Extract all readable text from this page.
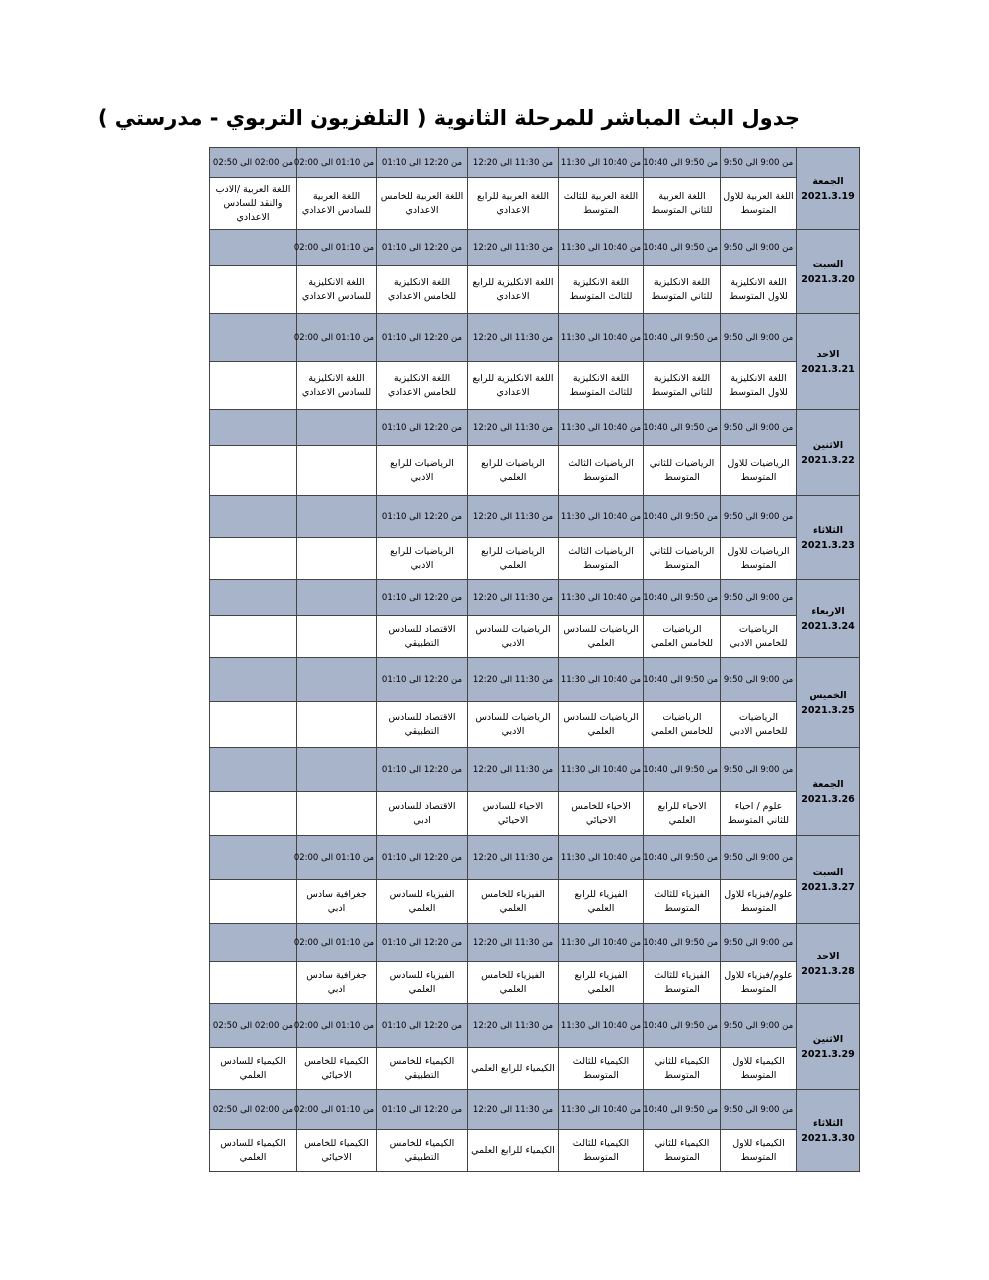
جدول البث المباشر للمرحلة الثانوية ( التلفزيون التربوي - مدرستي )
الجمعة
2021.3.19	من 9:00 الى 9:50	من 9:50 الى 10:40	من 10:40 الى 11:30	من 11:30 الى 12:20	من 12:20 الى 01:10	من 01:10 الى 02:00	من 02:00 الى 02:50
	اللغة العربية للاول المتوسط	اللغة العربية للثاني المتوسط	اللغة العربية للثالث المتوسط	اللغة العربية للرابع الاعدادي	اللغة العربية للخامس الاعدادي	اللغة العربية للسادس الاعدادي	اللغة العربية /الادب والنقد للسادس الاعدادي

السبت
2021.3.20	من 9:00 الى 9:50	من 9:50 الى 10:40	من 10:40 الى 11:30	من 11:30 الى 12:20	من 12:20 الى 01:10	من 01:10 الى 02:00	
	اللغة الانكليزية للاول المتوسط	اللغة الانكليزية للثاني المتوسط	اللغة الانكليزية للثالث المتوسط	اللغة الانكليزية للرابع الاعدادي	اللغة الانكليزية للخامس الاعدادي	اللغة الانكليزية للسادس الاعدادي	

الاحد
2021.3.21	من 9:00 الى 9:50	من 9:50 الى 10:40	من 10:40 الى 11:30	من 11:30 الى 12:20	من 12:20 الى 01:10	من 01:10 الى 02:00	
	اللغة الانكليزية للاول المتوسط	اللغة الانكليزية للثاني المتوسط	اللغة الانكليزية للثالث المتوسط	اللغة الانكليزية للرابع الاعدادي	اللغة الانكليزية للخامس الاعدادي	اللغة الانكليزية للسادس الاعدادي	

الاثنين
2021.3.22	من 9:00 الى 9:50	من 9:50 الى 10:40	من 10:40 الى 11:30	من 11:30 الى 12:20	من 12:20 الى 01:10		
	الرياضيات للاول المتوسط	الرياضيات للثاني المتوسط	الرياضيات الثالث المتوسط	الرياضيات للرابع العلمي	الرياضيات للرابع الادبي		

الثلاثاء
2021.3.23	من 9:00 الى 9:50	من 9:50 الى 10:40	من 10:40 الى 11:30	من 11:30 الى 12:20	من 12:20 الى 01:10		
	الرياضيات للاول المتوسط	الرياضيات للثاني المتوسط	الرياضيات الثالث المتوسط	الرياضيات للرابع العلمي	الرياضيات للرابع الادبي		

الاربعاء
2021.3.24	من 9:00 الى 9:50	من 9:50 الى 10:40	من 10:40 الى 11:30	من 11:30 الى 12:20	من 12:20 الى 01:10		
	الرياضيات للخامس الادبي	الرياضيات للخامس العلمي	الرياضيات للسادس العلمي	الرياضيات للسادس الادبي	الاقتصاد للسادس التطبيقي		

الخميس
2021.3.25	من 9:00 الى 9:50	من 9:50 الى 10:40	من 10:40 الى 11:30	من 11:30 الى 12:20	من 12:20 الى 01:10		
	الرياضيات للخامس الادبي	الرياضيات للخامس العلمي	الرياضيات للسادس العلمي	الرياضيات للسادس الادبي	الاقتصاد للسادس التطبيقي		

الجمعة
2021.3.26	من 9:00 الى 9:50	من 9:50 الى 10:40	من 10:40 الى 11:30	من 11:30 الى 12:20	من 12:20 الى 01:10		
	علوم / احياء للثاني المتوسط	الاحياء للرابع العلمي	الاحياء للخامس الاحيائي	الاحياء للسادس الاحيائي	الاقتصاد للسادس ادبي		

السبت
2021.3.27	من 9:00 الى 9:50	من 9:50 الى 10:40	من 10:40 الى 11:30	من 11:30 الى 12:20	من 12:20 الى 01:10	من 01:10 الى 02:00	
	علوم/فيزياء للاول المتوسط	الفيزياء للثالث المتوسط	الفيزياء للرابع العلمي	الفيزياء للخامس العلمي	الفيزياء للسادس العلمي	جغرافية سادس ادبي	

الاحد
2021.3.28	من 9:00 الى 9:50	من 9:50 الى 10:40	من 10:40 الى 11:30	من 11:30 الى 12:20	من 12:20 الى 01:10	من 01:10 الى 02:00	
	علوم/فيزياء للاول المتوسط	الفيزياء للثالث المتوسط	الفيزياء للرابع العلمي	الفيزياء للخامس العلمي	الفيزياء للسادس العلمي	جغرافية سادس ادبي	

الاثنين
2021.3.29	من 9:00 الى 9:50	من 9:50 الى 10:40	من 10:40 الى 11:30	من 11:30 الى 12:20	من 12:20 الى 01:10	من 01:10 الى 02:00	من 02:00 الى 02:50
	الكيمياء للاول المتوسط	الكيمياء للثاني المتوسط	الكيمياء للثالث المتوسط	الكيمياء للرابع العلمي	الكيمياء للخامس التطبيقي	الكيمياء للخامس الاحيائي	الكيمياء للسادس العلمي

الثلاثاء
2021.3.30	من 9:00 الى 9:50	من 9:50 الى 10:40	من 10:40 الى 11:30	من 11:30 الى 12:20	من 12:20 الى 01:10	من 01:10 الى 02:00	من 02:00 الى 02:50
	الكيمياء للاول المتوسط	الكيمياء للثاني المتوسط	الكيمياء للثالث المتوسط	الكيمياء للرابع العلمي	الكيمياء للخامس التطبيقي	الكيمياء للخامس الاحيائي	الكيمياء للسادس العلمي
